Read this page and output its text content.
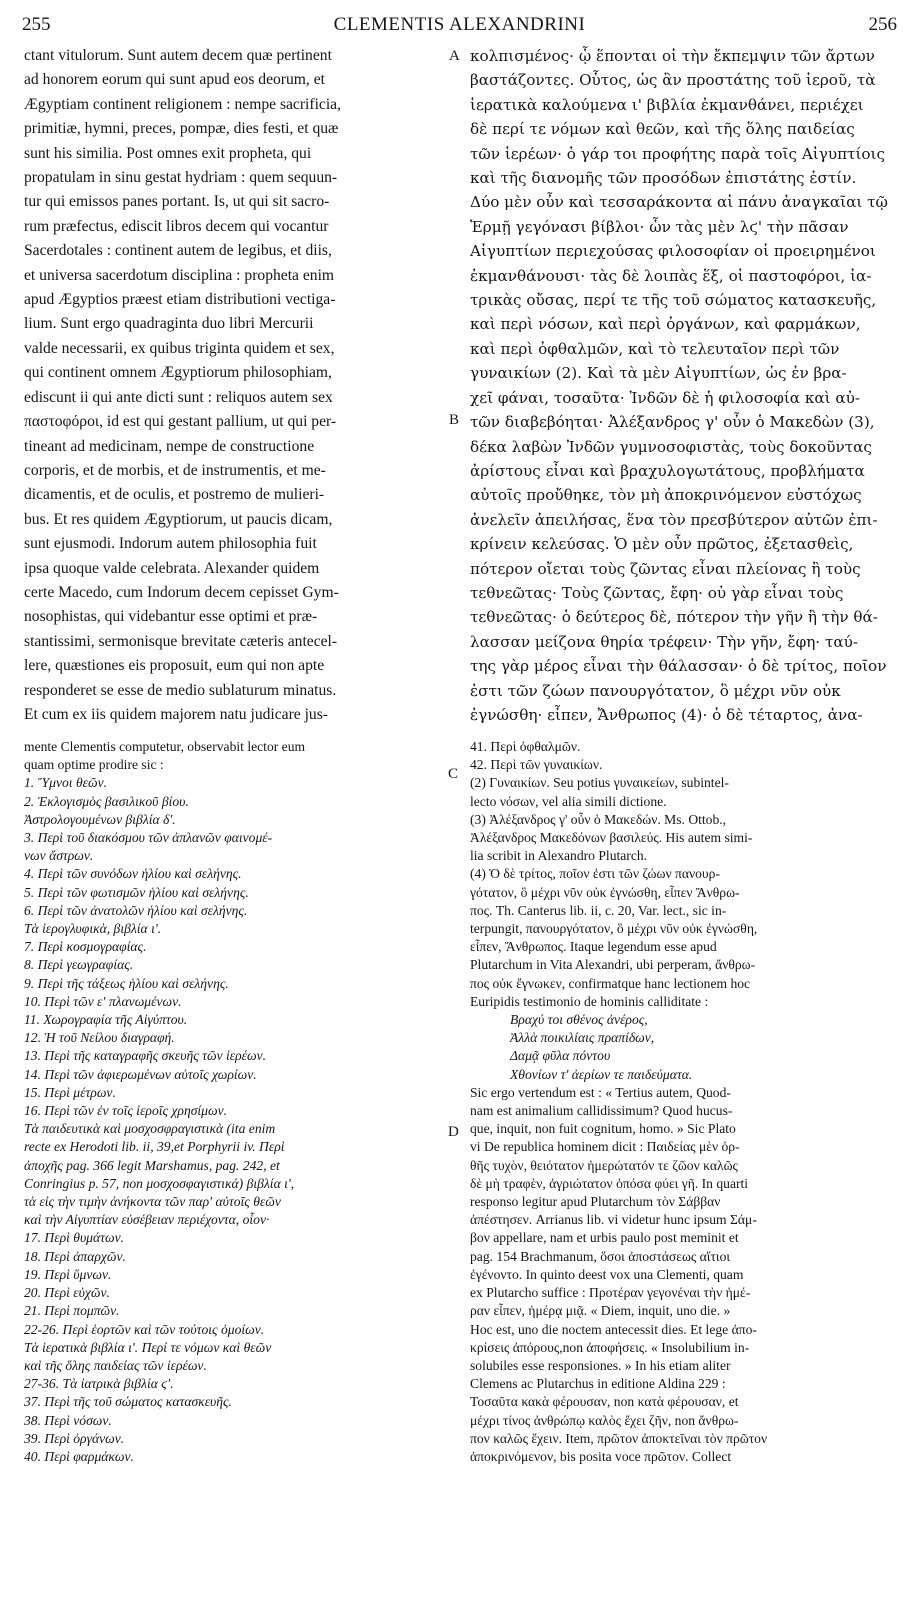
255	CLEMENTIS ALEXANDRINI	256
A
B
C
D
ctant vitulorum. Sunt autem decem quæ pertinent
ad honorem eorum qui sunt apud eos deorum, et
Ægyptiam continent religionem : nempe sacrificia,
primitiæ, hymni, preces, pompæ, dies festi, et quæ
sunt his similia. Post omnes exit propheta, qui
propatulam in sinu gestat hydriam : quem sequun-
tur qui emissos panes portant. Is, ut qui sit sacro-
rum præfectus, ediscit libros decem qui vocantur
Sacerdotales : continent autem de legibus, et diis,
et universa sacerdotum disciplina : propheta enim
apud Ægyptios præest etiam distributioni vectiga-
lium. Sunt ergo quadraginta duo libri Mercurii
valde necessarii, ex quibus triginta quidem et sex,
qui continent omnem Ægyptiorum philosophiam,
ediscunt ii qui ante dicti sunt : reliquos autem sex
παστοφόροι, id est qui gestant pallium, ut qui per-
tineant ad medicinam, nempe de constructione
corporis, et de morbis, et de instrumentis, et me-
dicamentis, et de oculis, et postremo de mulieri-
bus. Et res quidem Ægyptiorum, ut paucis dicam,
sunt ejusmodi. Indorum autem philosophia fuit
ipsa quoque valde celebrata. Alexander quidem
certe Macedo, cum Indorum decem cepisset Gym-
nosophistas, qui videbantur esse optimi et præ-
stantissimi, sermonisque brevitate cæteris antecel-
lere, quæstiones eis proposuit, eum qui non apte
responderet se esse de medio sublaturum minatus.
Et cum ex iis quidem majorem natu judicare jus-
κολπισμένος· ᾧ ἕπονται οἱ τὴν ἔκπεμψιν τῶν ἄρτων
βαστάζοντες. Οὗτος, ὡς ἂν προστάτης τοῦ ἱεροῦ, τὰ
ἱερατικὰ καλούμενα ι' βιβλία ἐκμανθάνει, περιέχει
δὲ περί τε νόμων καὶ θεῶν, καὶ τῆς ὅλης παιδείας
τῶν ἱερέων· ὁ γάρ τοι προφήτης παρὰ τοῖς Αἰγυπτίοις
καὶ τῆς διανομῆς τῶν προσόδων ἐπιστάτης ἐστίν.
Δύο μὲν οὖν καὶ τεσσαράκοντα αἱ πάνυ ἀναγκαῖαι τῷ
Ἑρμῇ γεγόνασι βίβλοι· ὧν τὰς μὲν λϛ' τὴν πᾶσαν
Αἰγυπτίων περιεχούσας φιλοσοφίαν οἱ προειρημένοι
ἐκμανθάνουσι· τὰς δὲ λοιπὰς ἕξ, οἱ παστοφόροι, ἰα-
τρικὰς οὔσας, περί τε τῆς τοῦ σώματος κατασκευῆς,
καὶ περὶ νόσων, καὶ περὶ ὀργάνων, καὶ φαρμάκων,
καὶ περὶ ὀφθαλμῶν, καὶ τὸ τελευταῖον περὶ τῶν
γυναικίων (2). Καὶ τὰ μὲν Αἰγυπτίων, ὡς ἐν βρα-
χεῖ φάναι, τοσαῦτα· Ἰνδῶν δὲ ἡ φιλοσοφία καὶ αὐ-
τῶν διαβεβόηται· Ἀλέξανδρος γ' οὖν ὁ Μακεδὼν (3),
δέκα λαβὼν Ἰνδῶν γυμνοσοφιστὰς, τοὺς δοκοῦντας
ἀρίστους εἶναι καὶ βραχυλογωτάτους, προβλήματα
αὐτοῖς προὔθηκε, τὸν μὴ ἀποκρινόμενον εὐστόχως
ἀνελεῖν ἀπειλήσας, ἕνα τὸν πρεσβύτερον αὐτῶν ἐπι-
κρίνειν κελεύσας. Ὁ μὲν οὖν πρῶτος, ἐξετασθεὶς,
πότερον οἴεται τοὺς ζῶντας εἶναι πλείονας ἢ τοὺς
τεθνεῶτας· Τοὺς ζῶντας, ἔφη· οὐ γὰρ εἶναι τοὺς
τεθνεῶτας· ὁ δεύτερος δὲ, πότερον τὴν γῆν ἢ τὴν θά-
λασσαν μείζονα θηρία τρέφειν· Τὴν γῆν, ἔφη· ταύ-
της γὰρ μέρος εἶναι τὴν θάλασσαν· ὁ δὲ τρίτος, ποῖον
ἐστι τῶν ζώων πανουργότατον, ὃ μέχρι νῦν οὐκ
ἐγνώσθη· εἶπεν, Ἄνθρωπος (4)· ὁ δὲ τέταρτος, ἀνα-
mente Clementis computetur, observabit lector eum
quam optime prodire sic :
1. Ὕμνοι θεῶν.
2. Ἐκλογισμὸς βασιλικοῦ βίου.
Ἀστρολογουμένων βιβλία δ'.
3. Περὶ τοῦ διακόσμου τῶν ἀπλανῶν φαινομέ-
νων ἄστρων.
4. Περὶ τῶν συνόδων ἡλίου καὶ σελήνης.
5. Περὶ τῶν φωτισμῶν ἡλίου καὶ σελήνης.
6. Περὶ τῶν ἀνατολῶν ἡλίου καὶ σελήνης.
Τὰ ἱερογλυφικὰ, βιβλία ι'.
7. Περὶ κοσμογραφίας.
8. Περὶ γεωγραφίας.
9. Περὶ τῆς τάξεως ἡλίου καὶ σελήνης.
10. Περὶ τῶν ε' πλανωμένων.
11. Χωρογραφία τῆς Αἰγύπτου.
12. Ἡ τοῦ Νείλου διαγραφή.
13. Περὶ τῆς καταγραφῆς σκευῆς τῶν ἱερέων.
14. Περὶ τῶν ἀφιερωμένων αὐτοῖς χωρίων.
15. Περὶ μέτρων.
16. Περὶ τῶν ἐν τοῖς ἱεροῖς χρησίμων.
Τὰ παιδευτικὰ καὶ μοσχοσφραγιστικὰ (ita enim
recte ex Herodoti lib. ii, 39,et Porphyrii iv. Περὶ
ἀποχῆς pag. 366 legit Marshamus, pag. 242, et
Conringius p. 57, non μοσχοσφαγιστικά) βιβλία ι',
τὰ εἰς τὴν τιμὴν ἀνήκοντα τῶν παρ' αὐτοῖς θεῶν
καὶ τὴν Αἰγυπτίαν εὐσέβειαν περιέχοντα, οἷον·
17. Περὶ θυμάτων.
18. Περὶ ἀπαρχῶν.
19. Περὶ ὕμνων.
20. Περὶ εὐχῶν.
21. Περὶ πομπῶν.
22-26. Περὶ ἑορτῶν καὶ τῶν τούτοις ὁμοίων.
Τὰ ἱερατικὰ βιβλία ι'. Περί τε νόμων καὶ θεῶν
καὶ τῆς ὅλης παιδείας τῶν ἱερέων.
27-36. Τὰ ἰατρικὰ βιβλία ϛ'.
37. Περὶ τῆς τοῦ σώματος κατασκευῆς.
38. Περὶ νόσων.
39. Περὶ ὀργάνων.
40. Περὶ φαρμάκων.
41. Περὶ ὀφθαλμῶν.
42. Περὶ τῶν γυναικίων.
(2) Γυναικίων. Seu potius γυναικείων, subintel-
lecto νόσων, vel alia simili dictione.
(3) Ἀλέξανδρος γ' οὖν ὁ Μακεδών. Ms. Ottob.,
Ἀλέξανδρος Μακεδόνων βασιλεύς. His autem simi-
lia scribit in Alexandro Plutarch.
(4) Ὁ δὲ τρίτος, ποῖον ἐστι τῶν ζώων πανουρ-
γότατον, ὃ μέχρι νῦν οὐκ ἐγνώσθη, εἶπεν Ἄνθρω-
πος. Th. Canterus lib. ii, c. 20, Var. lect., sic in-
terpungit, πανουργότατον, ὃ μέχρι νῦν οὐκ ἐγνώσθη,
εἶπεν, Ἄνθρωπος. Itaque legendum esse apud
Plutarchum in Vita Alexandri, ubi perperam, ἄνθρω-
πος οὐκ ἔγνωκεν, confirmatque hanc lectionem hoc
Euripidis testimonio de hominis calliditate :
Βραχύ τοι σθένος ἀνέρος,
Ἀλλὰ ποικιλίαις πραπίδων,
Δαμᾷ φῦλα πόντου
Χθονίων τ' ἀερίων τε παιδεύματα.
Sic ergo vertendum est : « Tertius autem, Quod-
nam est animalium callidissimum? Quod hucus-
que, inquit, non fuit cognitum, homo. » Sic Plato
vi De republica hominem dicit : Παιδείας μὲν ὀρ-
θῆς τυχὸν, θειότατον ἡμερώτατόν τε ζῶον καλῶς
δὲ μὴ τραφὲν, ἀγριώτατον ὁπόσα φύει γῆ. In quarti
responso legitur apud Plutarchum τὸν Σάββαν
ἀπέστησεν. Arrianus lib. vi videtur hunc ipsum Σάμ-
βον appellare, nam et urbis paulo post meminit et
pag. 154 Brachmanum, ὅσοι ἀποστάσεως αἴτιοι
ἐγένοντο. In quinto deest vox una Clementi, quam
ex Plutarcho suffice : Προτέραν γεγονέναι τὴν ἡμέ-
ραν εἶπεν, ἡμέρᾳ μιᾷ. « Diem, inquit, uno die. »
Hoc est, uno die noctem antecessit dies. Et lege ἀπο-
κρίσεις ἀπόρους,non ἀποφήσεις. « Insolubilium in-
solubiles esse responsiones. » In his etiam aliter
Clemens ac Plutarchus in editione Aldina 229 :
Τοσαῦτα κακὰ φέρουσαν, non κατὰ φέρουσαν, et
μέχρι τίνος ἀνθρώπῳ καλὸς ἔχει ζῆν, non ἄνθρω-
πον καλῶς ἔχειν. Item, πρῶτον ἀποκτεῖναι τὸν πρῶτον
ἀποκρινόμενον, bis posita voce πρῶτον. Collect
